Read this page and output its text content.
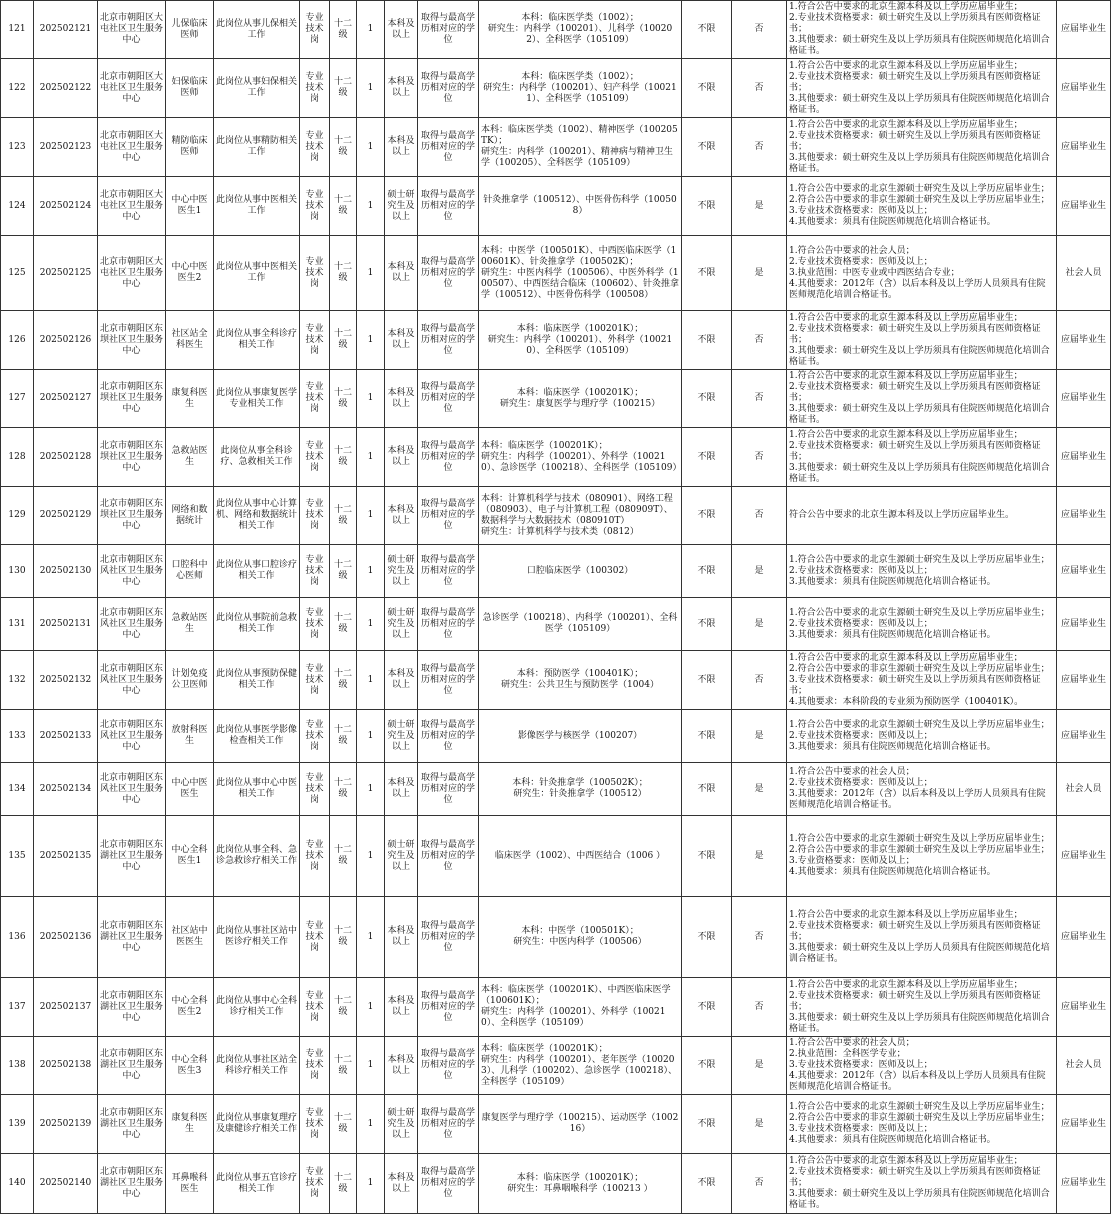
121	202502121	北京市朝阳区大屯社区卫生服务中心	儿保临床医师	此岗位从事儿保相关工作	专业技术岗	十二级	1	本科及以上	取得与最高学历相对应的学位	本科：临床医学类（1002）；
研究生：内科学（100201）、儿科学（100202）、全科医学（105109）	不限	否	1.符合公告中要求的北京生源本科及以上学历应届毕业生；
2.专业技术资格要求：硕士研究生及以上学历须具有医师资格证书；
3.其他要求：硕士研究生及以上学历须具有住院医师规范化培训合格证书。	应届毕业生
122	202502122	北京市朝阳区大屯社区卫生服务中心	妇保临床医师	此岗位从事妇保相关工作	专业技术岗	十二级	1	本科及以上	取得与最高学历相对应的学位	本科：临床医学类（1002）；
研究生：内科学（100201）、妇产科学（100211）、全科医学（105109）	不限	否	1.符合公告中要求的北京生源本科及以上学历应届毕业生；
2.专业技术资格要求：硕士研究生及以上学历须具有医师资格证书；
3.其他要求：硕士研究生及以上学历须具有住院医师规范化培训合格证书。	应届毕业生
123	202502123	北京市朝阳区大屯社区卫生服务中心	精防临床医师	此岗位从事精防相关工作	专业技术岗	十二级	1	本科及以上	取得与最高学历相对应的学位	本科：临床医学类（1002）、精神医学（100205TK）；
研究生：内科学（100201）、精神病与精神卫生学（100205）、全科医学（105109）	不限	否	1.符合公告中要求的北京生源本科及以上学历应届毕业生；
2.专业技术资格要求：硕士研究生及以上学历须具有医师资格证书；
3.其他要求：硕士研究生及以上学历须具有住院医师规范化培训合格证书。	应届毕业生
124	202502124	北京市朝阳区大屯社区卫生服务中心	中心中医医生1	此岗位从事中医相关工作	专业技术岗	十二级	1	硕士研究生及以上	取得与最高学历相对应的学位	针灸推拿学（100512）、中医骨伤科学（100508）	不限	是	1.符合公告中要求的北京生源硕士研究生及以上学历应届毕业生；
2.符合公告中要求的非京生源硕士研究生及以上学历应届毕业生；
3.专业技术资格要求：医师及以上；
4.其他要求：须具有住院医师规范化培训合格证书。	应届毕业生
125	202502125	北京市朝阳区大屯社区卫生服务中心	中心中医医生2	此岗位从事中医相关工作	专业技术岗	十二级	1	本科及以上	取得与最高学历相对应的学位	本科：中医学（100501K）、中西医临床医学（100601K）、针灸推拿学（100502K）；
研究生：中医内科学（100506）、中医外科学（100507）、中西医结合临床（100602）、针灸推拿学（100512）、中医骨伤科学（100508）	不限	是	1.符合公告中要求的社会人员；
2.专业技术资格要求：医师及以上；
3.执业范围：中医专业或中西医结合专业；
4.其他要求：2012年（含）以后本科及以上学历人员须具有住院医师规范化培训合格证书。	社会人员
126	202502126	北京市朝阳区东坝社区卫生服务中心	社区站全科医生	此岗位从事全科诊疗相关工作	专业技术岗	十二级	1	本科及以上	取得与最高学历相对应的学位	本科：临床医学（100201K）；
研究生：内科学（100201）、外科学（100210）、全科医学（105109）	不限	否	1.符合公告中要求的北京生源本科及以上学历应届毕业生；
2.专业技术资格要求：硕士研究生及以上学历须具有医师资格证书；
3.其他要求：硕士研究生及以上学历须具有住院医师规范化培训合格证书。	应届毕业生
127	202502127	北京市朝阳区东坝社区卫生服务中心	康复科医生	此岗位从事康复医学专业相关工作	专业技术岗	十二级	1	本科及以上	取得与最高学历相对应的学位	本科：临床医学（100201K）；
研究生：康复医学与理疗学（100215）	不限	否	1.符合公告中要求的北京生源本科及以上学历应届毕业生；
2.专业技术资格要求：硕士研究生及以上学历须具有医师资格证书；
3.其他要求：硕士研究生及以上学历须具有住院医师规范化培训合格证书。	应届毕业生
128	202502128	北京市朝阳区东坝社区卫生服务中心	急救站医生	此岗位从事全科诊疗、急救相关工作	专业技术岗	十二级	1	本科及以上	取得与最高学历相对应的学位	本科：临床医学（100201K）；
研究生：内科学（100201）、外科学（100210）、急诊医学（100218）、全科医学（105109）	不限	否	1.符合公告中要求的北京生源本科及以上学历应届毕业生；
2.专业技术资格要求：硕士研究生及以上学历须具有医师资格证书；
3.其他要求：硕士研究生及以上学历须具有住院医师规范化培训合格证书。	应届毕业生
129	202502129	北京市朝阳区东坝社区卫生服务中心	网络和数据统计	此岗位从事中心计算机、网络和数据统计相关工作	专业技术岗	十二级	1	本科及以上	取得与最高学历相对应的学位	本科：计算机科学与技术（080901）、网络工程（080903）、电子与计算机工程（080909T）、数据科学与大数据技术（080910T）
研究生：计算机科学与技术类（0812）	不限	否	符合公告中要求的北京生源本科及以上学历应届毕业生。	应届毕业生
130	202502130	北京市朝阳区东风社区卫生服务中心	口腔科中心医师	此岗位从事口腔诊疗相关工作	专业技术岗	十二级	1	硕士研究生及以上	取得与最高学历相对应的学位	口腔临床医学（100302）	不限	是	1.符合公告中要求的北京生源硕士研究生及以上学历应届毕业生；
2.专业技术资格要求：医师及以上；
3.其他要求：须具有住院医师规范化培训合格证书。	应届毕业生
131	202502131	北京市朝阳区东风社区卫生服务中心	急救站医生	此岗位从事院前急救相关工作	专业技术岗	十二级	1	硕士研究生及以上	取得与最高学历相对应的学位	急诊医学（100218）、内科学（100201）、全科医学（105109）	不限	是	1.符合公告中要求的北京生源硕士研究生及以上学历应届毕业生；
2.专业技术资格要求：医师及以上；
3.其他要求：须具有住院医师规范化培训合格证书。	应届毕业生
132	202502132	北京市朝阳区东风社区卫生服务中心	计划免疫公卫医师	此岗位从事预防保健相关工作	专业技术岗	十二级	1	本科及以上	取得与最高学历相对应的学位	本科：预防医学（100401K）；
研究生：公共卫生与预防医学（1004）	不限	否	1.符合公告中要求的北京生源本科及以上学历应届毕业生；
2.符合公告中要求的非京生源硕士研究生及以上学历应届毕业生；
3.专业技术资格要求：硕士研究生及以上学历须具有医师资格证书；
4.其他要求：本科阶段的专业须为预防医学（100401K）。	应届毕业生
133	202502133	北京市朝阳区东风社区卫生服务中心	放射科医生	此岗位从事医学影像检查相关工作	专业技术岗	十二级	1	硕士研究生及以上	取得与最高学历相对应的学位	影像医学与核医学（100207）	不限	是	1.符合公告中要求的北京生源硕士研究生及以上学历应届毕业生；
2.专业技术资格要求：医师及以上；
3.其他要求：须具有住院医师规范化培训合格证书。	应届毕业生
134	202502134	北京市朝阳区东风社区卫生服务中心	中心中医医生	此岗位从事中心中医相关工作	专业技术岗	十二级	1	本科及以上	取得与最高学历相对应的学位	本科：针灸推拿学（100502K）；
研究生：针灸推拿学（100512）	不限	是	1.符合公告中要求的社会人员；
2.专业技术资格要求：医师及以上；
3.其他要求：2012年（含）以后本科及以上学历人员须具有住院医师规范化培训合格证书。	社会人员
135	202502135	北京市朝阳区东湖社区卫生服务中心	中心全科医生1	此岗位从事全科、急诊急救诊疗相关工作	专业技术岗	十二级	1	硕士研究生及以上	取得与最高学历相对应的学位	临床医学（1002）、中西医结合（1006 ）	不限	是	1.符合公告中要求的北京生源硕士研究生及以上学历应届毕业生；
2.符合公告中要求的非京生源硕士研究生及以上学历应届毕业生；
3.专业资格要求：医师及以上；
4.其他要求：须具有住院医师规范化培训合格证书。	应届毕业生
136	202502136	北京市朝阳区东湖社区卫生服务中心	社区站中医医生	此岗位从事社区站中医诊疗相关工作	专业技术岗	十二级	1	本科及以上	取得与最高学历相对应的学位	本科：中医学（100501K）；
研究生：中医内科学（100506）	不限	否	1.符合公告中要求的北京生源本科及以上学历应届毕业生；
2.专业技术资格要求：硕士研究生及以上学历须具有医师资格证书；
3.其他要求：硕士研究生及以上学历人员须具有住院医师规范化培训合格证书。	应届毕业生
137	202502137	北京市朝阳区东湖社区卫生服务中心	中心全科医生2	此岗位从事中心全科诊疗相关工作	专业技术岗	十二级	1	本科及以上	取得与最高学历相对应的学位	本科：临床医学（100201K）、中西医临床医学（100601K）；
研究生：内科学（100201）、外科学（100210）、全科医学（105109）	不限	否	1.符合公告中要求的北京生源本科及以上学历应届毕业生；
2.专业技术资格要求：硕士研究生及以上学历须具有医师资格证书；
3.其他要求：硕士研究生及以上学历须具有住院医师规范化培训合格证书。	应届毕业生
138	202502138	北京市朝阳区东湖社区卫生服务中心	中心全科医生3	此岗位从事社区站全科诊疗相关工作	专业技术岗	十二级	1	本科及以上	取得与最高学历相对应的学位	本科：临床医学（100201K）；
研究生：内科学（100201）、老年医学（100203）、儿科学（100202）、急诊医学（100218）、全科医学（105109）	不限	是	1.符合公告中要求的社会人员；
2.执业范围：全科医学专业；
3.专业技术资格要求：医师及以上；
4.其他要求：2012年（含）以后本科及以上学历人员须具有住院医师规范化培训合格证书。	社会人员
139	202502139	北京市朝阳区东湖社区卫生服务中心	康复科医生	此岗位从事康复理疗及康健诊疗相关工作	专业技术岗	十二级	1	硕士研究生及以上	取得与最高学历相对应的学位	康复医学与理疗学（100215）、运动医学（100216）	不限	是	1.符合公告中要求的北京生源硕士研究生及以上学历应届毕业生；
2.符合公告中要求的非京生源硕士研究生及以上学历应届毕业生；
3.专业技术资格要求：医师及以上；
4.其他要求：须具有住院医师规范化培训合格证书。	应届毕业生
140	202502140	北京市朝阳区东湖社区卫生服务中心	耳鼻喉科医生	此岗位从事五官诊疗相关工作	专业技术岗	十二级	1	本科及以上	取得与最高学历相对应的学位	本科：临床医学（100201K）；
研究生：耳鼻咽喉科学（100213 ）	不限	否	1.符合公告中要求的北京生源本科及以上学历应届毕业生；
2.专业技术资格要求：硕士研究生及以上学历须具有医师资格证书；
3.其他要求：硕士研究生及以上学历须具有住院医师规范化培训合格证书。	应届毕业生
